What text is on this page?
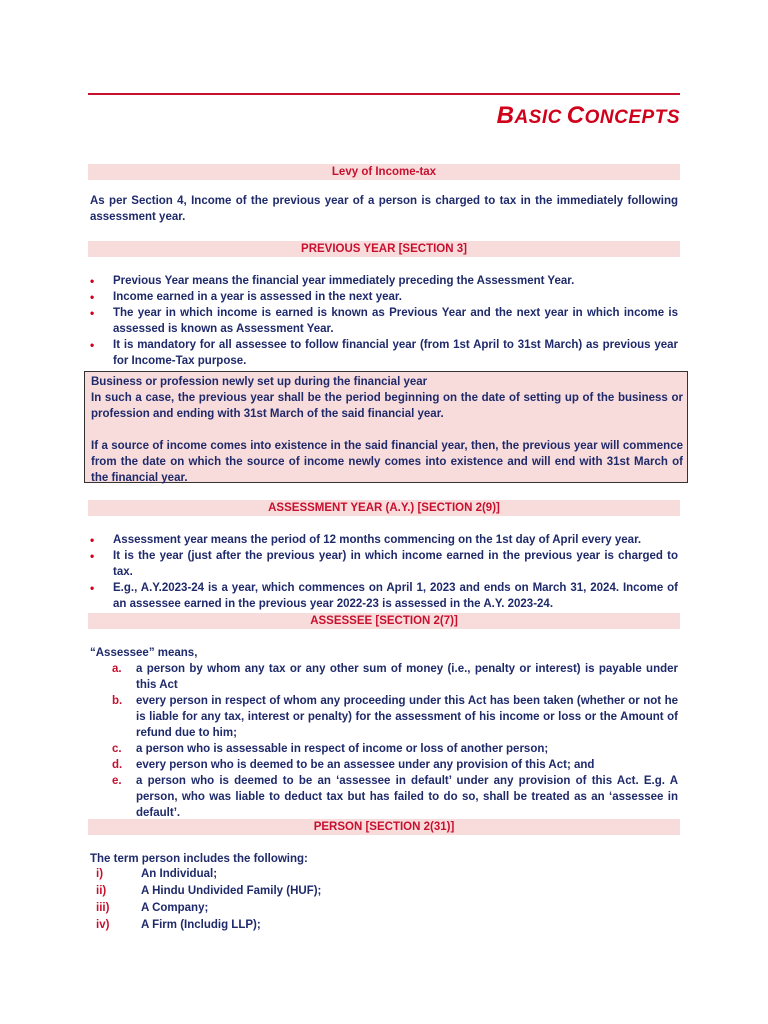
BASIC CONCEPTS
Levy of Income-tax
As per Section 4, Income of the previous year of a person is charged to tax in the immediately following assessment year.
PREVIOUS YEAR [SECTION 3]
• Previous Year means the financial year immediately preceding the Assessment Year.
• Income earned in a year is assessed in the next year.
• The year in which income is earned is known as Previous Year and the next year in which income is assessed is known as Assessment Year.
• It is mandatory for all assessee to follow financial year (from 1st April to 31st March) as previous year for Income-Tax purpose.

Business or profession newly set up during the financial year

In such a case, the previous year shall be the period beginning on the date of setting up of the business or profession and ending with 31st March of the said financial year.

If a source of income comes into existence in the said financial year, then, the previous year will commence from the date on which the source of income newly comes into existence and will end with 31st March of the financial year.

ASSESSMENT YEAR (A.Y.) [SECTION 2(9)]
• Assessment year means the period of 12 months commencing on the 1st day of April every year.
• It is the year (just after the previous year) in which income earned in the previous year is charged to tax.
• E.g., A.Y.2023-24 is a year, which commences on April 1, 2023 and ends on March 31, 2024. Income of an assessee earned in the previous year 2022-23 is assessed in the A.Y. 2023-24.
ASSESSEE [SECTION 2(7)]
“Assessee” means,
a. a person by whom any tax or any other sum of money (i.e., penalty or interest) is payable under this Act
b. every person in respect of whom any proceeding under this Act has been taken (whether or not he is liable for any tax, interest or penalty) for the assessment of his income or loss or the Amount of refund due to him;
c. a person who is assessable in respect of income or loss of another person;
d. every person who is deemed to be an assessee under any provision of this Act; and
e. a person who is deemed to be an ‘assessee in default’ under any provision of this Act. E.g. A person, who was liable to deduct tax but has failed to do so, shall be treated as an ‘assessee in default’.
PERSON [SECTION 2(31)]
The term person includes the following:
i)	An Individual;
ii)	A Hindu Undivided Family (HUF);
iii)	A Company;
iv)	A Firm (Includig LLP);
